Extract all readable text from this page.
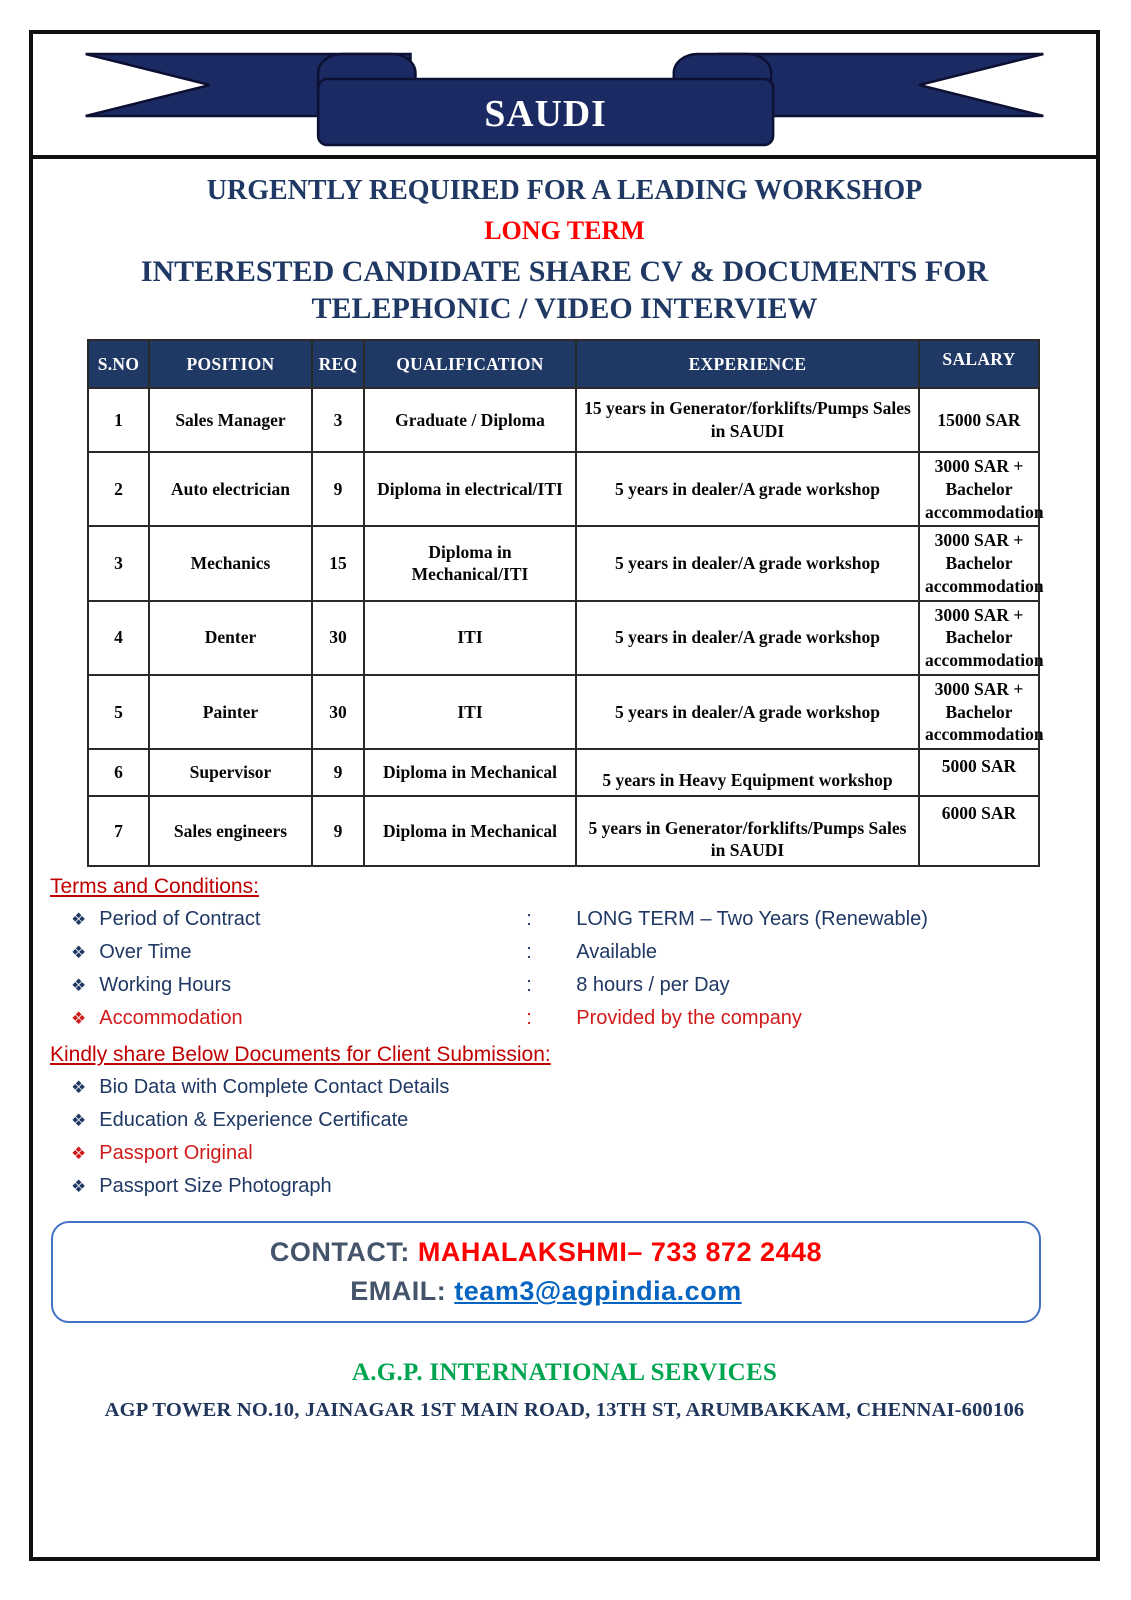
SAUDI
URGENTLY REQUIRED FOR A LEADING WORKSHOP
LONG TERM
INTERESTED CANDIDATE SHARE CV & DOCUMENTS FOR
TELEPHONIC / VIDEO INTERVIEW
S.NO	POSITION	REQ	QUALIFICATION	EXPERIENCE	SALARY
1	Sales Manager	3	Graduate / Diploma	15 years in Generator/forklifts/Pumps Sales in SAUDI	15000 SAR
2	Auto electrician	9	Diploma in electrical/ITI	5 years in dealer/A grade workshop	3000 SAR + Bachelor accommodation
3	Mechanics	15	Diploma in Mechanical/ITI	5 years in dealer/A grade workshop	3000 SAR + Bachelor accommodation
4	Denter	30	ITI	5 years in dealer/A grade workshop	3000 SAR + Bachelor accommodation
5	Painter	30	ITI	5 years in dealer/A grade workshop	3000 SAR + Bachelor accommodation
6	Supervisor	9	Diploma in Mechanical	5 years in Heavy Equipment workshop	5000 SAR
7	Sales engineers	9	Diploma in Mechanical	5 years in Generator/forklifts/Pumps Sales in SAUDI	6000 SAR
Terms and Conditions:
❖ Period of Contract	:	LONG TERM – Two Years (Renewable)
❖ Over Time	:	Available
❖ Working Hours	:	8 hours / per Day
❖ Accommodation	:	Provided by the company
Kindly share Below Documents for Client Submission:
❖ Bio Data with Complete Contact Details
❖ Education & Experience Certificate
❖ Passport Original
❖ Passport Size Photograph
CONTACT: MAHALAKSHMI– 733 872 2448
EMAIL: team3@agpindia.com
A.G.P. INTERNATIONAL SERVICES
AGP TOWER NO.10, JAINAGAR 1ST MAIN ROAD, 13TH ST, ARUMBAKKAM, CHENNAI-600106
